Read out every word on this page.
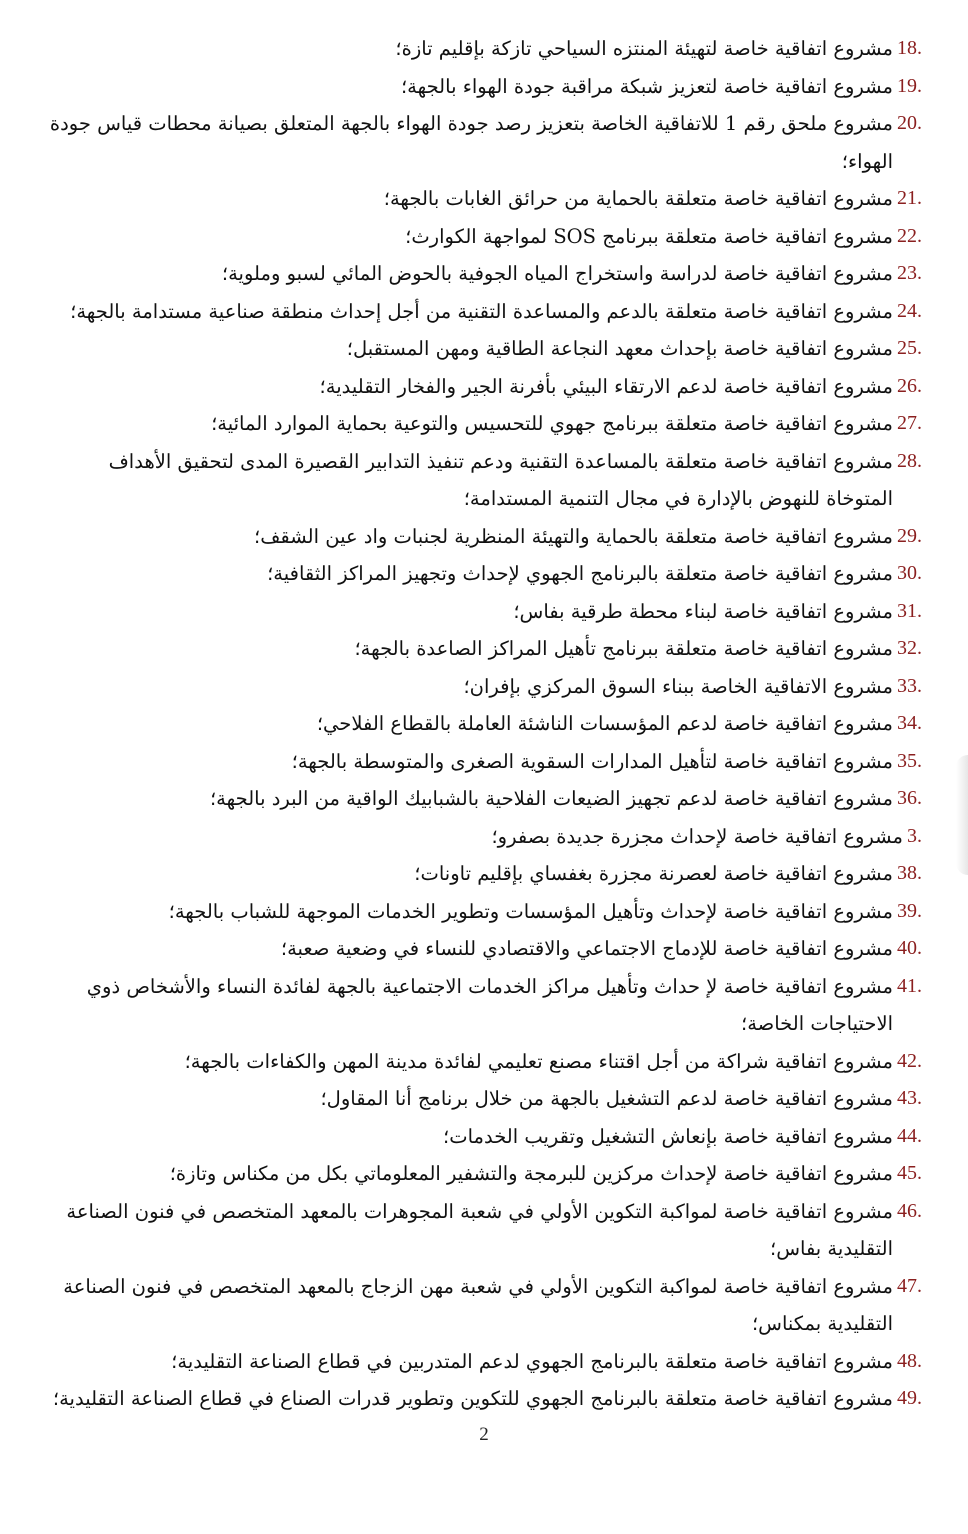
18.
مشروع اتفاقية خاصة لتهيئة المنتزه السياحي تازكة بإقليم تازة؛
19.
مشروع اتفاقية خاصة لتعزيز شبكة مراقبة جودة الهواء بالجهة؛
20.
مشروع ملحق رقم 1 للاتفاقية الخاصة بتعزيز رصد جودة الهواء بالجهة المتعلق بصيانة محطات قياس جودة الهواء؛
21.
مشروع اتفاقية خاصة متعلقة بالحماية من حرائق الغابات بالجهة؛
22.
مشروع اتفاقية خاصة متعلقة ببرنامج SOS لمواجهة الكوارث؛
23.
مشروع اتفاقية خاصة لدراسة واستخراج المياه الجوفية بالحوض المائي لسبو وملوية؛
24.
مشروع اتفاقية خاصة متعلقة بالدعم والمساعدة التقنية من أجل إحداث منطقة صناعية مستدامة بالجهة؛
25.
مشروع اتفاقية خاصة بإحداث معهد النجاعة الطاقية ومهن المستقبل؛
26.
مشروع اتفاقية خاصة لدعم الارتقاء البيئي بأفرنة الجير والفخار التقليدية؛
27.
مشروع اتفاقية خاصة متعلقة ببرنامج جهوي للتحسيس والتوعية بحماية الموارد المائية؛
28.
مشروع اتفاقية خاصة متعلقة بالمساعدة التقنية ودعم تنفيذ التدابير القصيرة المدى لتحقيق الأهداف المتوخاة للنهوض بالإدارة في مجال التنمية المستدامة؛
29.
مشروع اتفاقية خاصة متعلقة بالحماية والتهيئة المنظرية لجنبات واد عين الشقف؛
30.
مشروع اتفاقية خاصة متعلقة بالبرنامج الجهوي لإحداث وتجهيز المراكز الثقافية؛
31.
مشروع اتفاقية خاصة لبناء محطة طرقية بفاس؛
32.
مشروع اتفاقية خاصة متعلقة ببرنامج تأهيل المراكز الصاعدة بالجهة؛
33.
مشروع الاتفاقية الخاصة ببناء السوق المركزي بإفران؛
34.
مشروع اتفاقية خاصة لدعم المؤسسات الناشئة العاملة بالقطاع الفلاحي؛
35.
مشروع اتفاقية خاصة لتأهيل المدارات السقوية الصغرى والمتوسطة بالجهة؛
36.
مشروع اتفاقية خاصة لدعم تجهيز الضيعات الفلاحية بالشبابيك الواقية من البرد بالجهة؛
3.
مشروع اتفاقية خاصة لإحداث مجزرة جديدة بصفرو؛
38.
مشروع اتفاقية خاصة لعصرنة مجزرة بغفساي بإقليم تاونات؛
39.
مشروع اتفاقية خاصة لإحداث وتأهيل المؤسسات وتطوير الخدمات الموجهة للشباب بالجهة؛
40.
مشروع اتفاقية خاصة للإدماج الاجتماعي والاقتصادي للنساء في وضعية صعبة؛
41.
مشروع اتفاقية خاصة لإ حداث وتأهيل مراكز الخدمات الاجتماعية بالجهة لفائدة النساء والأشخاص ذوي الاحتياجات الخاصة؛
42.
مشروع اتفاقية شراكة من أجل اقتناء مصنع تعليمي لفائدة مدينة المهن والكفاءات بالجهة؛
43.
مشروع اتفاقية خاصة لدعم التشغيل بالجهة من خلال برنامج أنا المقاول؛
44.
مشروع اتفاقية خاصة بإنعاش التشغيل وتقريب الخدمات؛
45.
مشروع اتفاقية خاصة لإحداث مركزين للبرمجة والتشفير المعلوماتي بكل من مكناس وتازة؛
46.
مشروع اتفاقية خاصة لمواكبة التكوين الأولي في شعبة المجوهرات بالمعهد المتخصص في فنون الصناعة التقليدية بفاس؛
47.
مشروع اتفاقية خاصة لمواكبة التكوين الأولي في شعبة مهن الزجاج بالمعهد المتخصص في فنون الصناعة التقليدية بمكناس؛
48.
مشروع اتفاقية خاصة متعلقة بالبرنامج الجهوي لدعم المتدربين في قطاع الصناعة التقليدية؛
49.
مشروع اتفاقية خاصة متعلقة بالبرنامج الجهوي للتكوين وتطوير قدرات الصناع في قطاع الصناعة التقليدية؛
2
